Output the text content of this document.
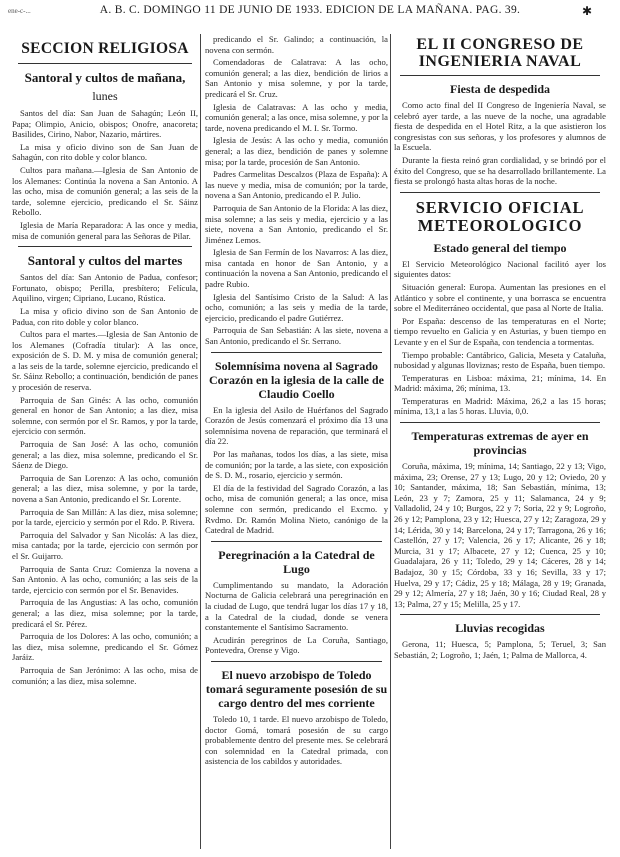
ene-c-...	A. B. C. DOMINGO 11 DE JUNIO DE 1933. EDICION DE LA MAÑANA. PAG. 39.	✱
SECCION RELIGIOSA
Santoral y cultos de mañana,
lunes

Santos del día: San Juan de Sahagún; León II, Papa; Olimpio, Anicio, obispos; Onofre, anacoreta; Basilides, Cirino, Nabor, Nazario, mártires.

La misa y oficio divino son de San Juan de Sahagún, con rito doble y color blanco.

Cultos para mañana.—Iglesia de San Antonio de los Alemanes: Continúa la novena a San Antonio. A las ocho, misa de comunión general; a las seis de la tarde, solemne ejercicio, predicando el Sr. Sáinz Rebollo.

Iglesia de María Reparadora: A las once y media, misa de comunión general para las Señoras de Pilar.

Santoral y cultos del martes

Santos del día: San Antonio de Padua, confesor; Fortunato, obispo; Perilla, presbítero; Felícula, Aquilino, virgen; Cipriano, Lucano, Rústica.

La misa y oficio divino son de San Antonio de Padua, con rito doble y color blanco.

Cultos para el martes.—Iglesia de San Antonio de los Alemanes (Cofradía titular): A las once, exposición de S. D. M. y misa de comunión general; a las seis de la tarde, solemne ejercicio, predicando el Sr. Sáinz Rebollo; a continuación, bendición de panes y procesión de reserva.

Parroquia de San Ginés: A las ocho, comunión general en honor de San Antonio; a las diez, misa solemne, con sermón por el Sr. Ramos, y por la tarde, ejercicio con sermón.

Parroquia de San José: A las ocho, comunión general; a las diez, misa solemne, predicando el Sr. Sáenz de Diego.

Parroquia de San Lorenzo: A las ocho, comunión general; a las diez, misa solemne, y por la tarde, novena a San Antonio, predicando el Sr. Lorente.

Parroquia de San Millán: A las diez, misa solemne; por la tarde, ejercicio y sermón por el Rdo. P. Rivera.

Parroquia del Salvador y San Nicolás: A las diez, misa cantada; por la tarde, ejercicio con sermón por el Sr. Guijarro.

Parroquia de Santa Cruz: Comienza la novena a San Antonio. A las ocho, comunión; a las seis de la tarde, ejercicio con sermón por el Sr. Benavides.

Parroquia de las Angustias: A las ocho, comunión general; a las diez, misa solemne; por la tarde, predicará el Sr. Pérez.

Parroquia de los Dolores: A las ocho, comunión; a las diez, misa solemne, predicando el Sr. Gómez Jaráiz.

Parroquia de San Jerónimo: A las ocho, misa de comunión; a las diez, misa solemne.

predicando el Sr. Galindo; a continuación, la novena con sermón.

Comendadoras de Calatrava: A las ocho, comunión general; a las diez, bendición de lirios a San Antonio y misa solemne, y por la tarde, predicará el Sr. Cruz.

Iglesia de Calatravas: A las ocho y media, comunión general; a las once, misa solemne, y por la tarde, novena predicando el M. I. Sr. Tormo.

Iglesia de Jesús: A las ocho y media, comunión general; a las diez, bendición de panes y solemne misa; por la tarde, procesión de San Antonio.

Padres Carmelitas Descalzos (Plaza de España): A las nueve y media, misa de comunión; por la tarde, novena a San Antonio, predicando el P. Julio.

Parroquia de San Antonio de la Florida: A las diez, misa solemne; a las seis y media, ejercicio y a las siete, novena a San Antonio, predicando el Sr. Jiménez Lemos.

Iglesia de San Fermín de los Navarros: A las diez, misa cantada en honor de San Antonio, y a continuación la novena a San Antonio, predicando el padre Rubio.

Iglesia del Santísimo Cristo de la Salud: A las ocho, comunión; a las seis y media de la tarde, ejercicio, predicando el padre Gutiérrez.

Parroquia de San Sebastián: A las siete, novena a San Antonio, predicando el Sr. Serrano.

Solemnísima novena al Sagrado Corazón en la iglesia de la calle de Claudio Coello

En la iglesia del Asilo de Huérfanos del Sagrado Corazón de Jesús comenzará el próximo día 13 una solemnísima novena de reparación, que terminará el día 22.

Por las mañanas, todos los días, a las siete, misa de comunión; por la tarde, a las siete, con exposición de S. D. M., rosario, ejercicio y sermón.

El día de la festividad del Sagrado Corazón, a las ocho, misa de comunión general; a las once, misa solemne con sermón, predicando el Excmo. y Rvdmo. Dr. Ramón Molina Nieto, canónigo de la Catedral de Madrid.

Peregrinación a la Catedral de Lugo

Cumplimentando su mandato, la Adoración Nocturna de Galicia celebrará una peregrinación en la ciudad de Lugo, que tendrá lugar los días 17 y 18, a la Catedral de la ciudad, donde se venera constantemente el Santísimo Sacramento.

Acudirán peregrinos de La Coruña, Santiago, Pontevedra, Orense y Vigo.

El nuevo arzobispo de Toledo tomará seguramente posesión de su cargo dentro del mes corriente

Toledo 10, 1 tarde. El nuevo arzobispo de Toledo, doctor Gomá, tomará posesión de su cargo probablemente dentro del presente mes. Se celebrará con solemnidad en la Catedral primada, con asistencia de los cabildos y autoridades.

EL II CONGRESO DE INGENIERIA NAVAL
Fiesta de despedida

Como acto final del II Congreso de Ingeniería Naval, se celebró ayer tarde, a las nueve de la noche, una agradable fiesta de despedida en el Hotel Ritz, a la que asistieron los congresistas con sus señoras, y los profesores y alumnos de la Escuela.

Durante la fiesta reinó gran cordialidad, y se brindó por el éxito del Congreso, que se ha desarrollado brillantemente. La fiesta se prolongó hasta altas horas de la noche.

SERVICIO OFICIAL METEOROLOGICO
Estado general del tiempo

El Servicio Meteorológico Nacional facilitó ayer los siguientes datos:

Situación general: Europa. Aumentan las presiones en el Atlántico y sobre el continente, y una borrasca se encuentra sobre el Mediterráneo occidental, que pasa al Norte de Italia.

Por España: descenso de las temperaturas en el Norte; tiempo revuelto en Galicia y en Asturias, y buen tiempo en Levante y en el Sur de España, con tendencia a tormentas.

Tiempo probable: Cantábrico, Galicia, Meseta y Cataluña, nubosidad y algunas lloviznas; resto de España, buen tiempo.

Temperaturas en Lisboa: máxima, 21; mínima, 14. En Madrid: máxima, 26; mínima, 13.

Temperaturas en Madrid: Máxima, 26,2 a las 15 horas; mínima, 13,1 a las 5 horas. Lluvia, 0,0.

Temperaturas extremas de ayer en provincias

Coruña, máxima, 19; mínima, 14; Santiago, 22 y 13; Vigo, máxima, 23; Orense, 27 y 13; Lugo, 20 y 12; Oviedo, 20 y 10; Santander, máxima, 18; San Sebastián, mínima, 13; León, 23 y 7; Zamora, 25 y 11; Salamanca, 24 y 9; Valladolid, 24 y 10; Burgos, 22 y 7; Soria, 22 y 9; Logroño, 26 y 12; Pamplona, 23 y 12; Huesca, 27 y 12; Zaragoza, 29 y 14; Lérida, 30 y 14; Barcelona, 24 y 17; Tarragona, 26 y 16; Castellón, 27 y 17; Valencia, 26 y 17; Alicante, 26 y 18; Murcia, 31 y 17; Albacete, 27 y 12; Cuenca, 25 y 10; Guadalajara, 26 y 11; Toledo, 29 y 14; Cáceres, 28 y 14; Badajoz, 30 y 15; Córdoba, 33 y 16; Sevilla, 33 y 17; Huelva, 29 y 17; Cádiz, 25 y 18; Málaga, 28 y 19; Granada, 29 y 12; Almería, 27 y 18; Jaén, 30 y 16; Ciudad Real, 28 y 13; Palma, 27 y 15; Melilla, 25 y 17.

Lluvias recogidas

Gerona, 11; Huesca, 5; Pamplona, 5; Teruel, 3; San Sebastián, 2; Logroño, 1; Jaén, 1; Palma de Mallorca, 4.
